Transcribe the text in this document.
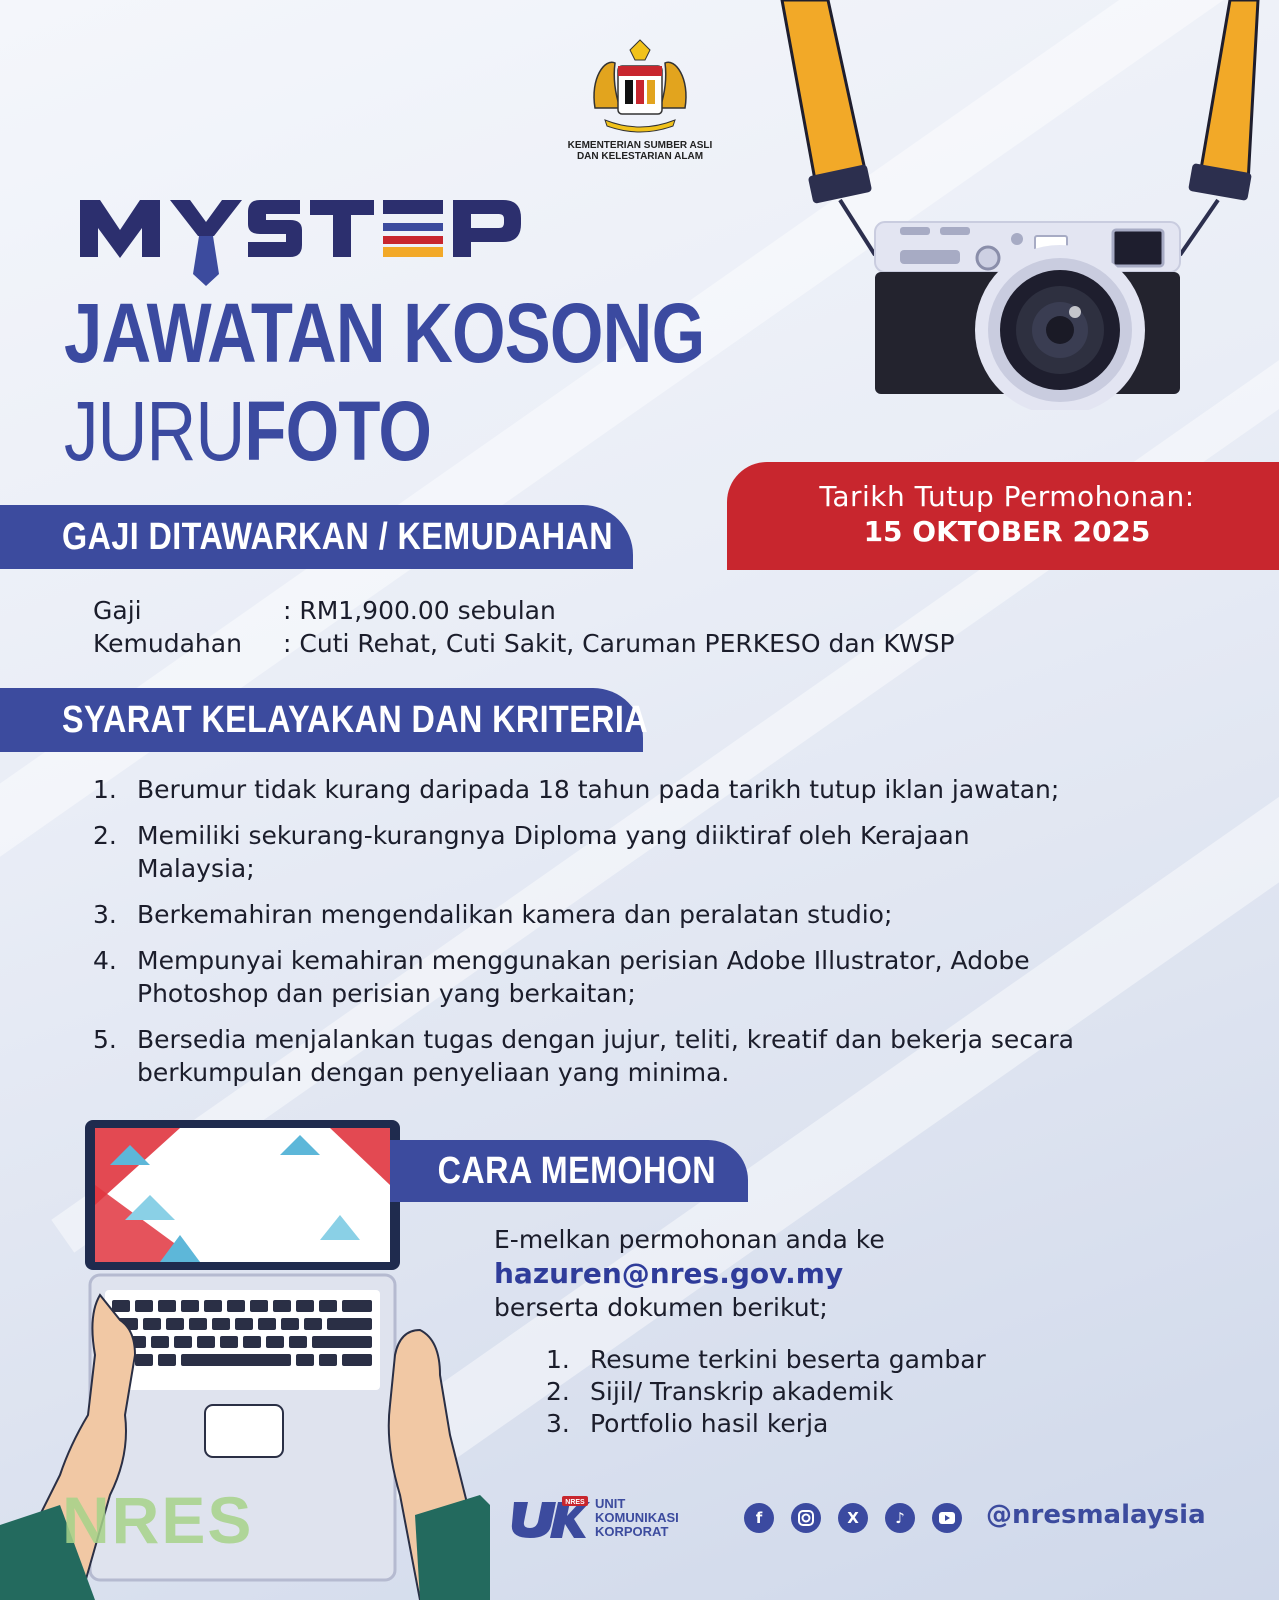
KEMENTERIAN SUMBER ASLI
DAN KELESTARIAN ALAM
MYSTEP
JAWATAN KOSONG
JURUFOTO
Tarikh Tutup Permohonan:
15 OKTOBER 2025
GAJI DITAWARKAN / KEMUDAHAN
Gaji	: RM1,900.00 sebulan
Kemudahan	: Cuti Rehat, Cuti Sakit, Caruman PERKESO dan KWSP
SYARAT KELAYAKAN DAN KRITERIA
1. Berumur tidak kurang daripada 18 tahun pada tarikh tutup iklan jawatan;
2. Memiliki sekurang-kurangnya Diploma yang diiktiraf oleh Kerajaan Malaysia;
3. Berkemahiran mengendalikan kamera dan peralatan studio;
4. Mempunyai kemahiran menggunakan perisian Adobe Illustrator, Adobe Photoshop dan perisian yang berkaitan;
5. Bersedia menjalankan tugas dengan jujur, teliti, kreatif dan bekerja secara berkumpulan dengan penyeliaan yang minima.
CARA MEMOHON
E-melkan permohonan anda ke
hazuren@nres.gov.my
berserta dokumen berikut;
1. Resume terkini beserta gambar
2. Sijil/ Transkrip akademik
3. Portfolio hasil kerja
NRES	NRES UNIT
KOMUNIKASI
KORPORAT
f	X	♪	@nresmalaysia
